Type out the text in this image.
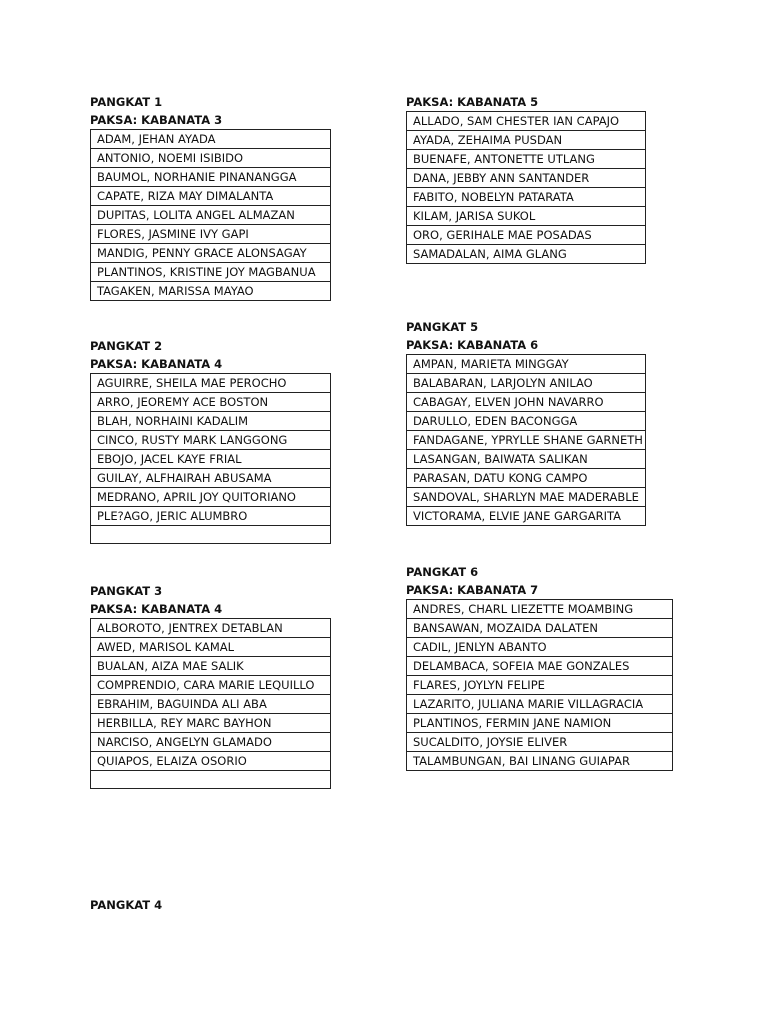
PANGKAT 1
PAKSA: KABANATA 3
ADAM, JEHAN AYADA
ANTONIO, NOEMI ISIBIDO
BAUMOL, NORHANIE PINANANGGA
CAPATE, RIZA MAY DIMALANTA
DUPITAS, LOLITA ANGEL ALMAZAN
FLORES, JASMINE IVY GAPI
MANDIG, PENNY GRACE ALONSAGAY
PLANTINOS, KRISTINE JOY MAGBANUA
TAGAKEN, MARISSA MAYAO
PANGKAT 2
PAKSA: KABANATA 4
AGUIRRE, SHEILA MAE PEROCHO
ARRO, JEOREMY ACE BOSTON
BLAH, NORHAINI KADALIM
CINCO, RUSTY MARK LANGGONG
EBOJO, JACEL KAYE FRIAL
GUILAY, ALFHAIRAH ABUSAMA
MEDRANO, APRIL JOY QUITORIANO
PLE?AGO, JERIC ALUMBRO

PANGKAT 3
PAKSA: KABANATA 4
ALBOROTO, JENTREX DETABLAN
AWED, MARISOL KAMAL
BUALAN, AIZA MAE SALIK
COMPRENDIO, CARA MARIE LEQUILLO
EBRAHIM, BAGUINDA ALI ABA
HERBILLA, REY MARC BAYHON
NARCISO, ANGELYN GLAMADO
QUIAPOS, ELAIZA OSORIO

PANGKAT 4
PAKSA: KABANATA 5
ALLADO, SAM CHESTER IAN CAPAJO
AYADA, ZEHAIMA PUSDAN
BUENAFE, ANTONETTE UTLANG
DANA, JEBBY ANN SANTANDER
FABITO, NOBELYN PATARATA
KILAM, JARISA SUKOL
ORO, GERIHALE MAE POSADAS
SAMADALAN, AIMA GLANG
PANGKAT 5
PAKSA: KABANATA 6
AMPAN, MARIETA MINGGAY
BALABARAN, LARJOLYN ANILAO
CABAGAY, ELVEN JOHN NAVARRO
DARULLO, EDEN BACONGGA
FANDAGANE, YPRYLLE SHANE GARNETH
LASANGAN, BAIWATA SALIKAN
PARASAN, DATU KONG CAMPO
SANDOVAL, SHARLYN MAE MADERABLE
VICTORAMA, ELVIE JANE GARGARITA
PANGKAT 6
PAKSA: KABANATA 7
ANDRES, CHARL LIEZETTE MOAMBING
BANSAWAN, MOZAIDA DALATEN
CADIL, JENLYN ABANTO
DELAMBACA, SOFEIA MAE GONZALES
FLARES, JOYLYN FELIPE
LAZARITO, JULIANA MARIE VILLAGRACIA
PLANTINOS, FERMIN JANE NAMION
SUCALDITO, JOYSIE ELIVER
TALAMBUNGAN, BAI LINANG GUIAPAR
